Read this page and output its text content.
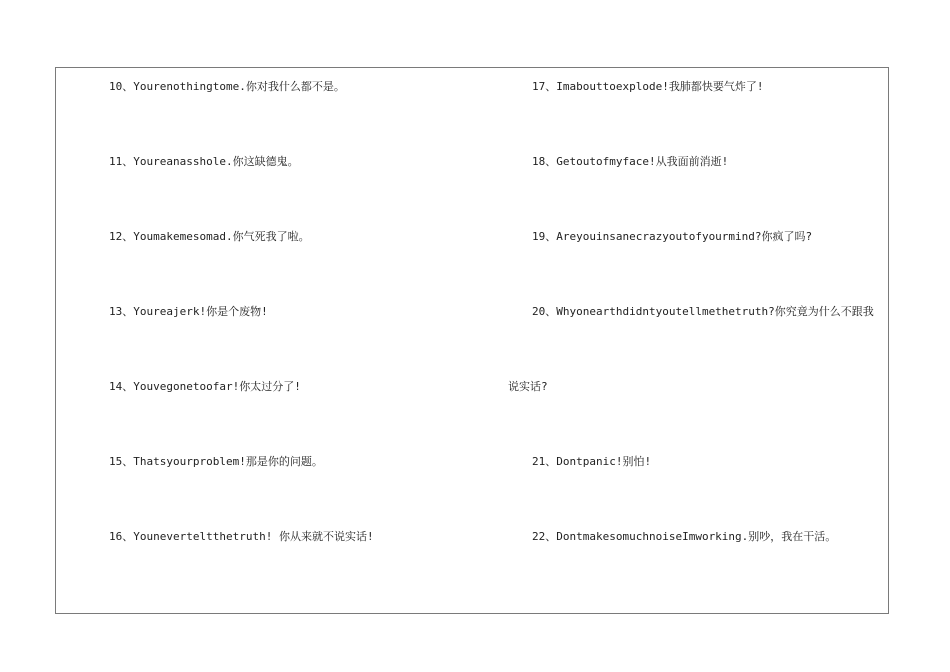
10、Yourenothingtome.你对我什么都不是。
11、Youreanasshole.你这缺德鬼。
12、Youmakemesomad.你气死我了啦。
13、Youreajerk!你是个废物!
14、Youvegonetoofar!你太过分了!
15、Thatsyourproblem!那是你的问题。
16、Youneverteltthetruth! 你从来就不说实话!
17、Imabouttoexplode!我肺都快要气炸了!
18、Getoutofmyface!从我面前消逝!
19、Areyouinsanecrazyoutofyourmind?你疯了吗?
20、Whyonearthdidntyoutellmethetruth?你究竟为什么不跟我
说实话?
21、Dontpanic!别怕!
22、DontmakesomuchnoiseImworking.别吵，我在干活。
